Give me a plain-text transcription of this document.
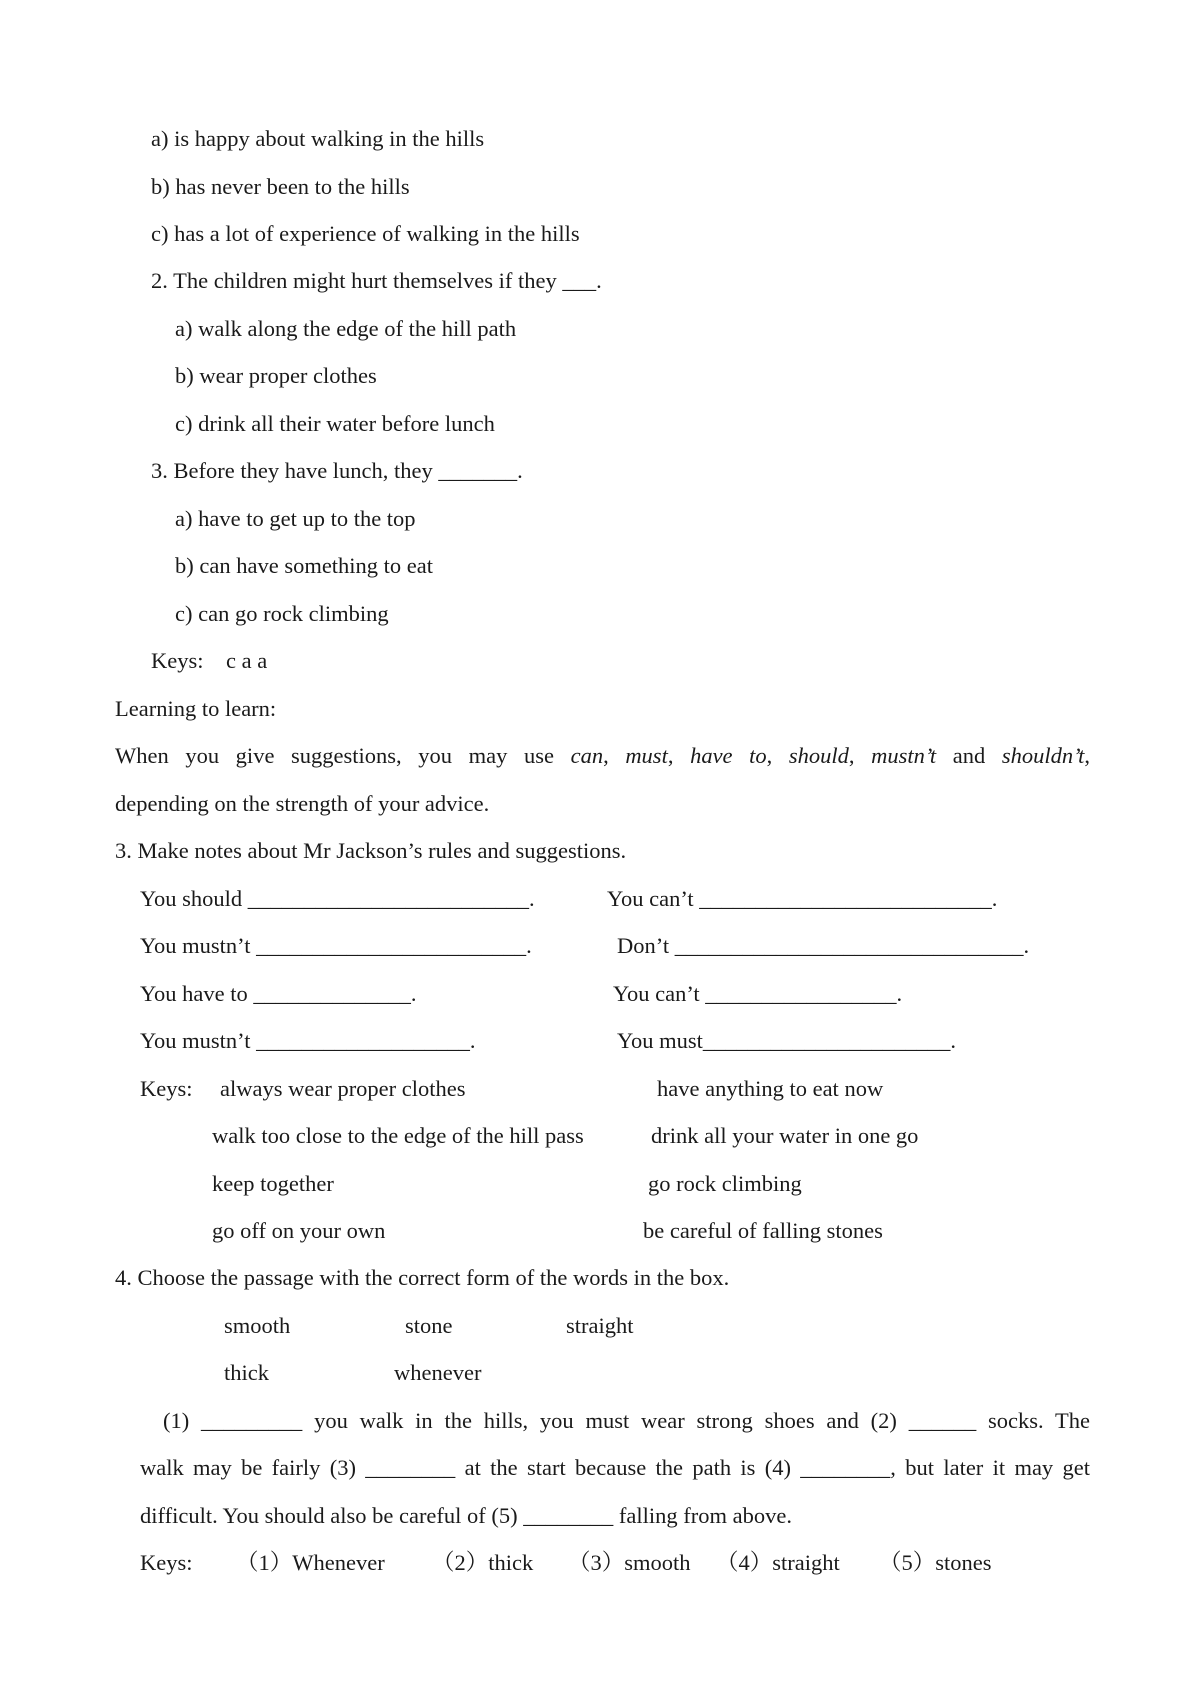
a) is happy about walking in the hills
b) has never been to the hills
c) has a lot of experience of walking in the hills
2. The children might hurt themselves if they ___.
a) walk along the edge of the hill path
b) wear proper clothes
c) drink all their water before lunch
3. Before they have lunch, they _______.
a) have to get up to the top
b) can have something to eat
c) can go rock climbing
Keys:    c a a
Learning to learn:
When you give suggestions, you may use can, must, have to, should, mustn’t and shouldn’t,
depending on the strength of your advice.
3. Make notes about Mr Jackson’s rules and suggestions.
You should _________________________.	You can’t __________________________.
You mustn’t ________________________.	Don’t _______________________________.
You have to ______________.	You can’t _________________.
You mustn’t ___________________.	You must______________________.
Keys: always wear proper clothes	have anything to eat now
walk too close to the edge of the hill pass	drink all your water in one go
keep together	go rock climbing
go off on your own	be careful of falling stones
4. Choose the passage with the correct form of the words in the box.
smooth	stone	straight
thick	whenever
(1) _________ you walk in the hills, you must wear strong shoes and (2) ______ socks. The
walk may be fairly (3) ________ at the start because the path is (4) ________, but later it may get
difficult. You should also be careful of (5) ________ falling from above.
Keys: （1）Whenever （2）thick （3）smooth （4）straight （5）stones
